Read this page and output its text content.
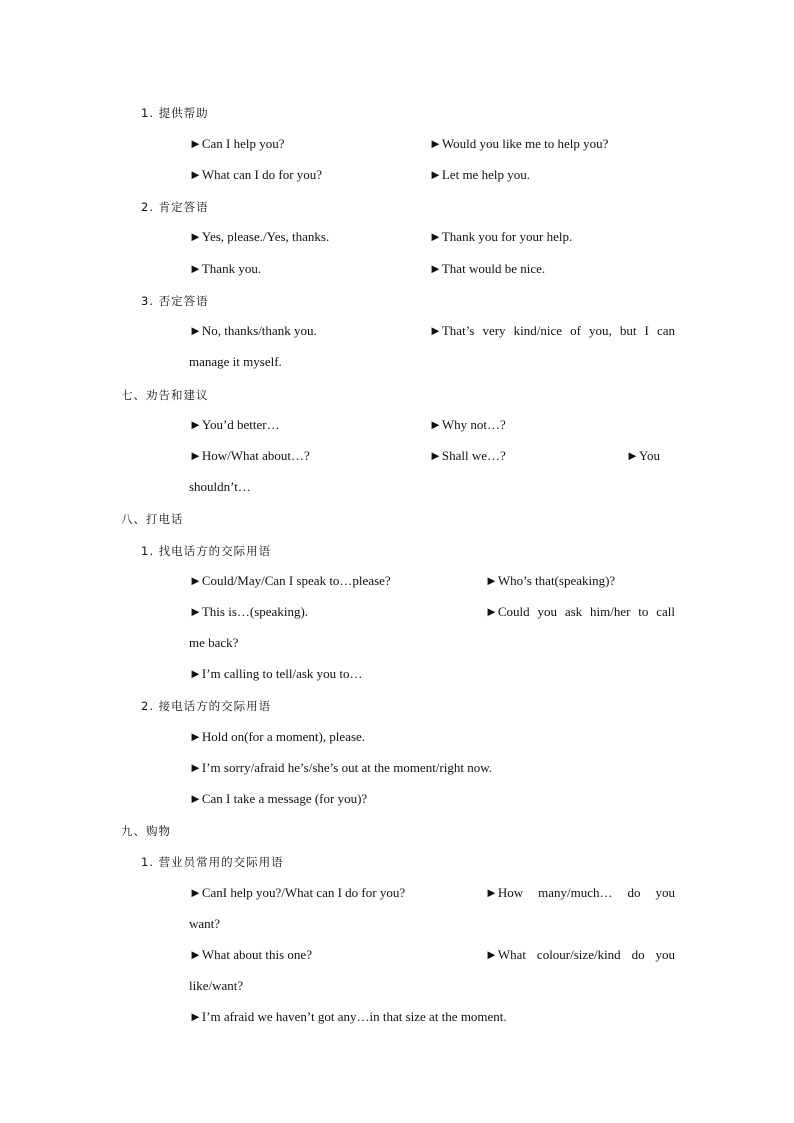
1. 提供帮助
►Can I help you?	►Would you like me to help you?
►What can I do for you?	►Let me help you.
2. 肯定答语
►Yes, please./Yes, thanks.	►Thank you for your help.
►Thank you.	►That would be nice.
3. 否定答语
►No, thanks/thank you.	►That’s very kind/nice of you, but I can
manage it myself.
七、劝告和建议
►You’d better…	►Why not…?
►How/What about…?	►Shall we…?	►You
shouldn’t…
八、打电话
1. 找电话方的交际用语
►Could/May/Can I speak to…please?	►Who’s that(speaking)?
►This is…(speaking).	►Could you ask him/her to call
me back?
►I’m calling to tell/ask you to…
2. 接电话方的交际用语
►Hold on(for a moment), please.
►I’m sorry/afraid he’s/she’s out at the moment/right now.
►Can I take a message (for you)?
九、购物
1. 营业员常用的交际用语
►CanI help you?/What can I do for you?	►How many/much… do you
want?
►What about this one?	►What colour/size/kind do you
like/want?
►I’m afraid we haven’t got any…in that size at the moment.
